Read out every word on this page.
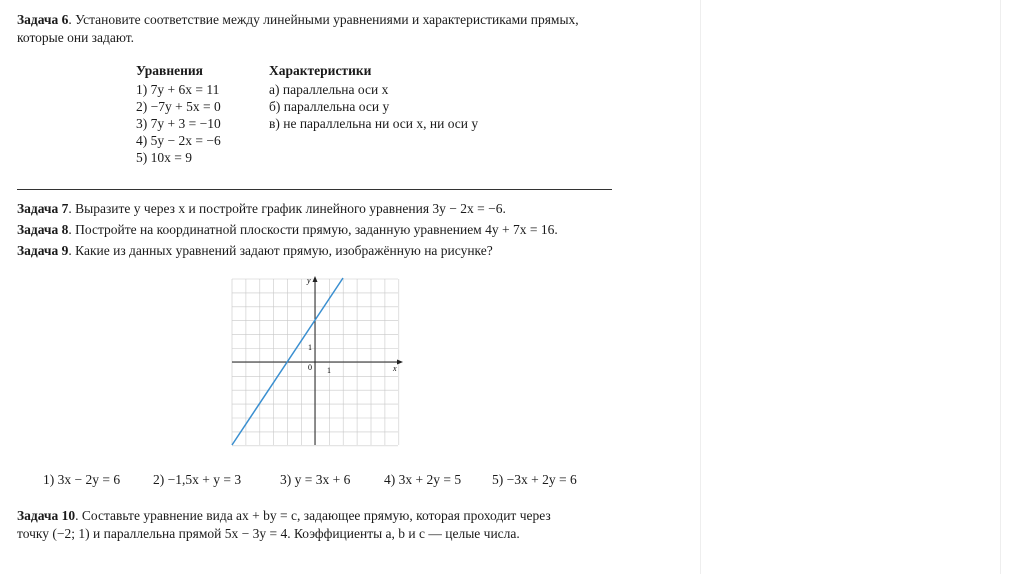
Задача 6. Установите соответствие между линейными уравнениями и характеристиками прямых,
которые они задают.
Уравнения	Характеристики
1) 7y + 6x = 11
2) −7y + 5x = 0
3) 7y + 3 = −10
4) 5y − 2x = −6
5) 10x = 9
а) параллельна оси x
б) параллельна оси y
в) не параллельна ни оси x, ни оси y
Задача 7. Выразите y через x и постройте график линейного уравнения 3y − 2x = −6.
Задача 8. Постройте на координатной плоскости прямую, заданную уравнением 4y + 7x = 16.
Задача 9. Какие из данных уравнений задают прямую, изображённую на рисунке?
x
y
0 1
1
1) 3x − 2y = 6 2) −1,5x + y = 3	3) y = 3x + 6 4) 3x + 2y = 5 5) −3x + 2y = 6
Задача 10. Составьте уравнение вида ax + by = c, задающее прямую, которая проходит через
точку (−2; 1) и параллельна прямой 5x − 3y = 4. Коэффициенты a, b и c — целые числа.
